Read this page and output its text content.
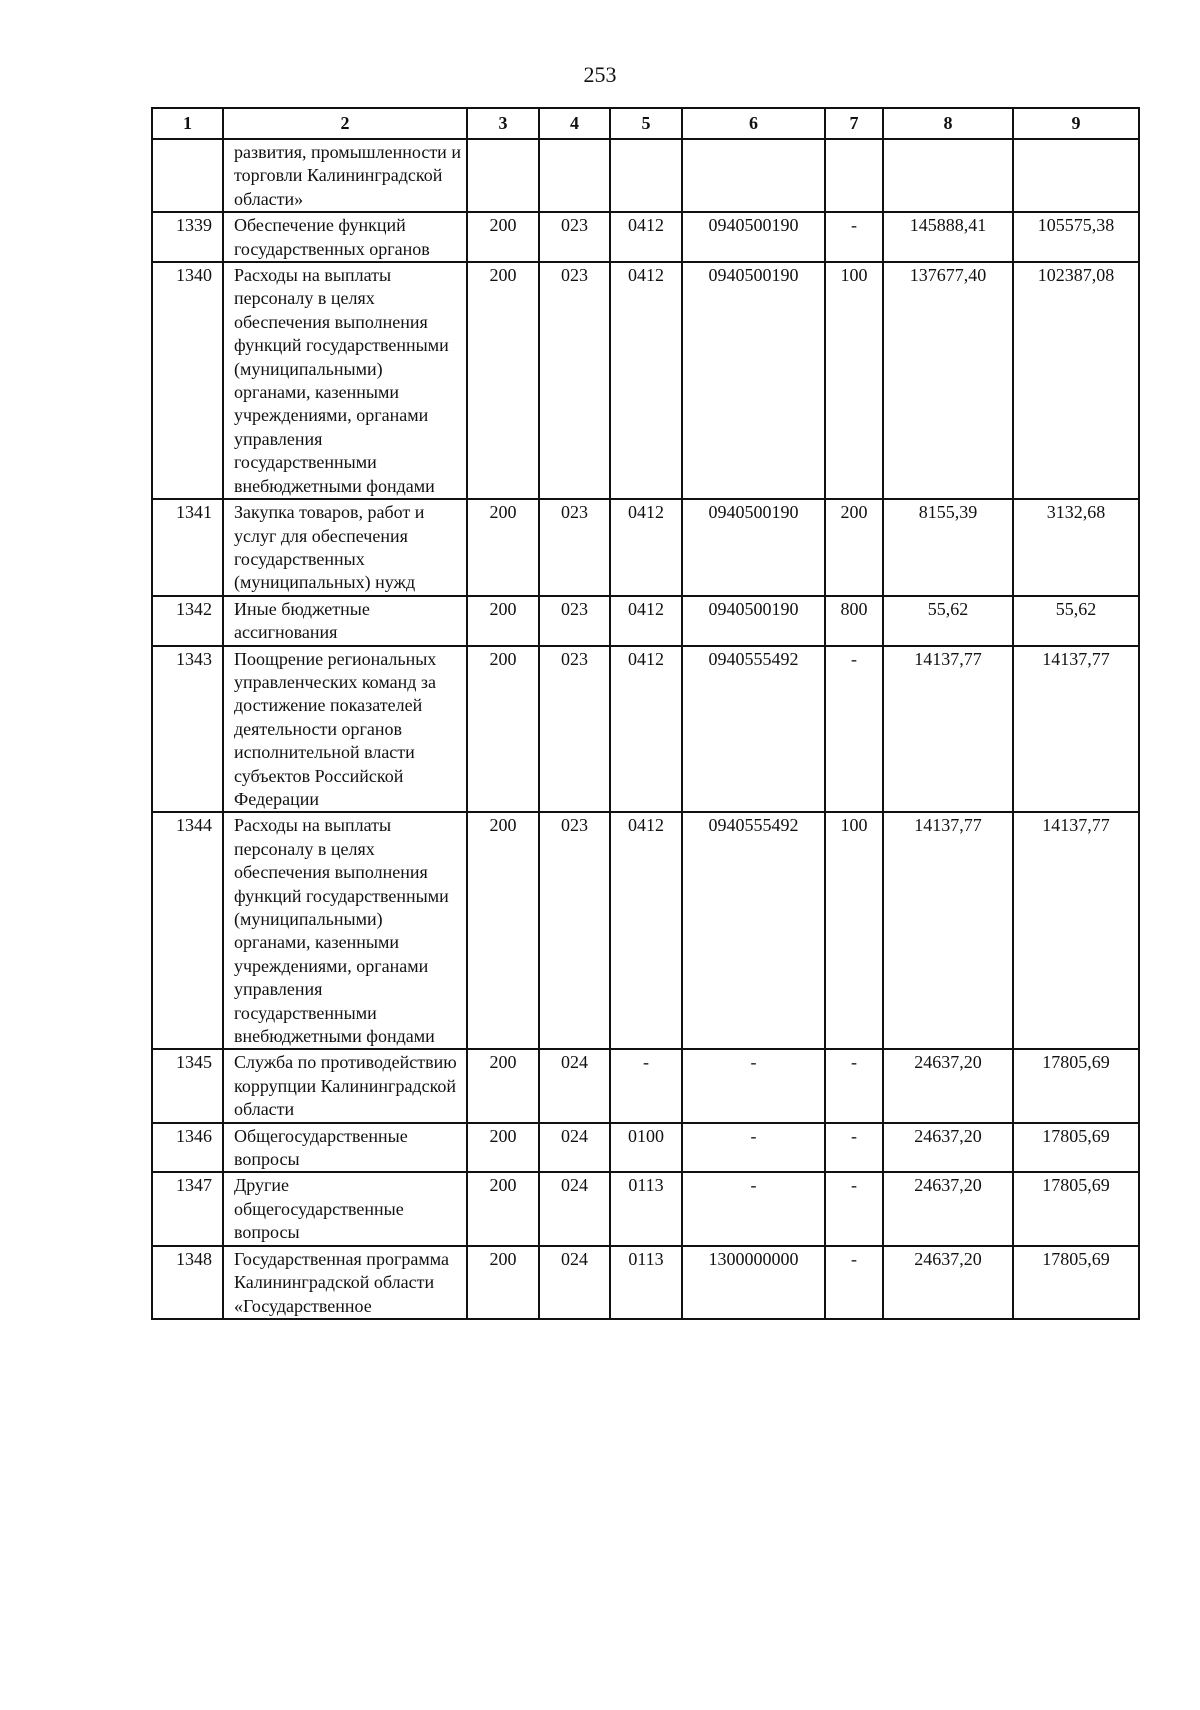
253
1	2	3	4	5	6	7	8	9
	развития, промышленности и торговли Калининградской области»							
1339	Обеспечение функций государственных органов	200	023	0412	0940500190	-	145888,41	105575,38
1340	Расходы на выплаты персоналу в целях обеспечения выполнения функций государственными (муниципальными) органами, казенными учреждениями, органами управления государственными внебюджетными фондами	200	023	0412	0940500190	100	137677,40	102387,08
1341	Закупка товаров, работ и услуг для обеспечения государственных (муниципальных) нужд	200	023	0412	0940500190	200	8155,39	3132,68
1342	Иные бюджетные ассигнования	200	023	0412	0940500190	800	55,62	55,62
1343	Поощрение региональных управленческих команд за достижение показателей деятельности органов исполнительной власти субъектов Российской Федерации	200	023	0412	0940555492	-	14137,77	14137,77
1344	Расходы на выплаты персоналу в целях обеспечения выполнения функций государственными (муниципальными) органами, казенными учреждениями, органами управления государственными внебюджетными фондами	200	023	0412	0940555492	100	14137,77	14137,77
1345	Служба по противодействию коррупции Калининградской области	200	024	-	-	-	24637,20	17805,69
1346	Общегосударственные вопросы	200	024	0100	-	-	24637,20	17805,69
1347	Другие общегосударственные вопросы	200	024	0113	-	-	24637,20	17805,69
1348	Государственная программа Калининградской области «Государственное	200	024	0113	1300000000	-	24637,20	17805,69
